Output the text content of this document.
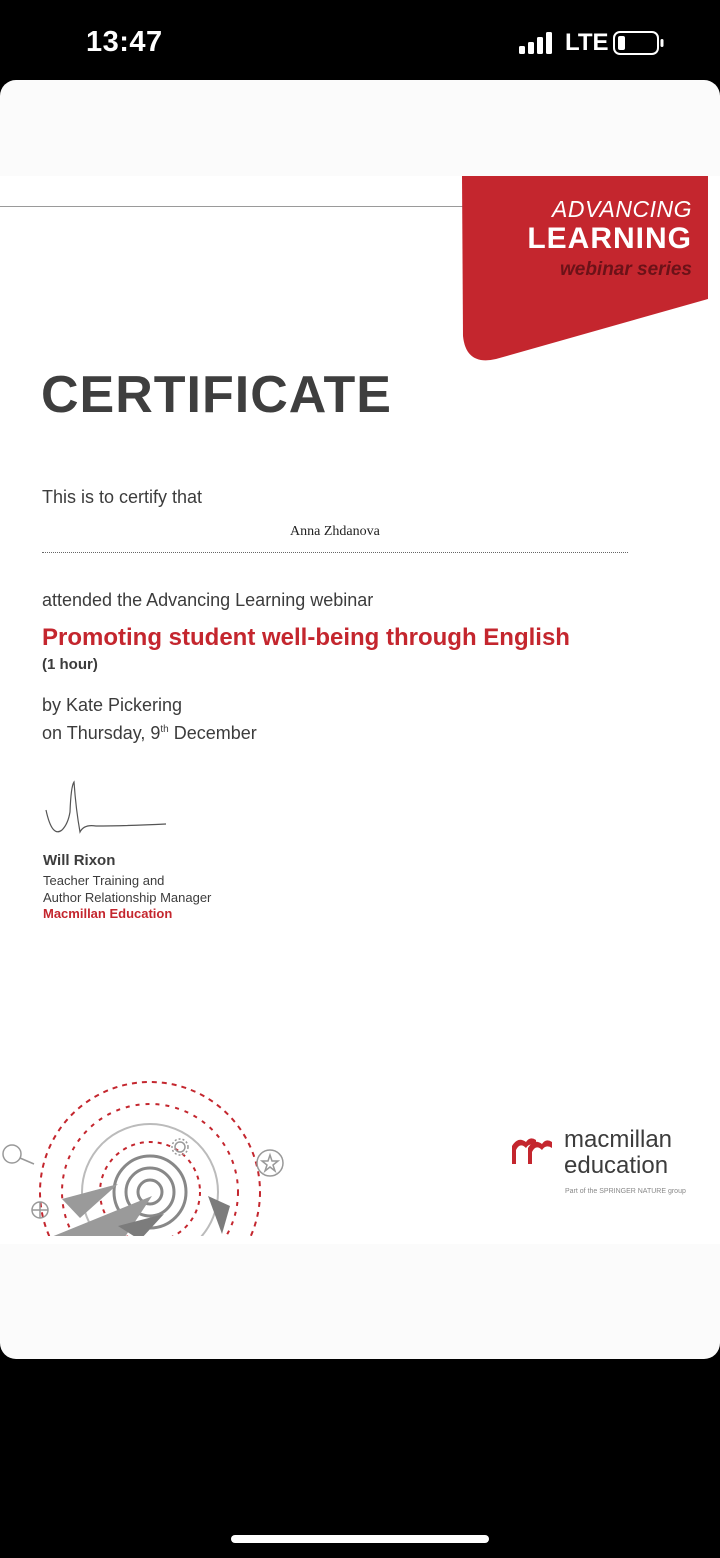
13:47	LTE
ADVANCING
LEARNING
webinar series
CERTIFICATE
This is to certify that
Anna Zhdanova
attended the Advancing Learning webinar
Promoting student well-being through English
(1 hour)
by Kate Pickering
on Thursday, 9th December
Will Rixon
Teacher Training and
Author Relationship Manager
Macmillan Education
macmillan
education
Part of the SPRINGER NATURE group
